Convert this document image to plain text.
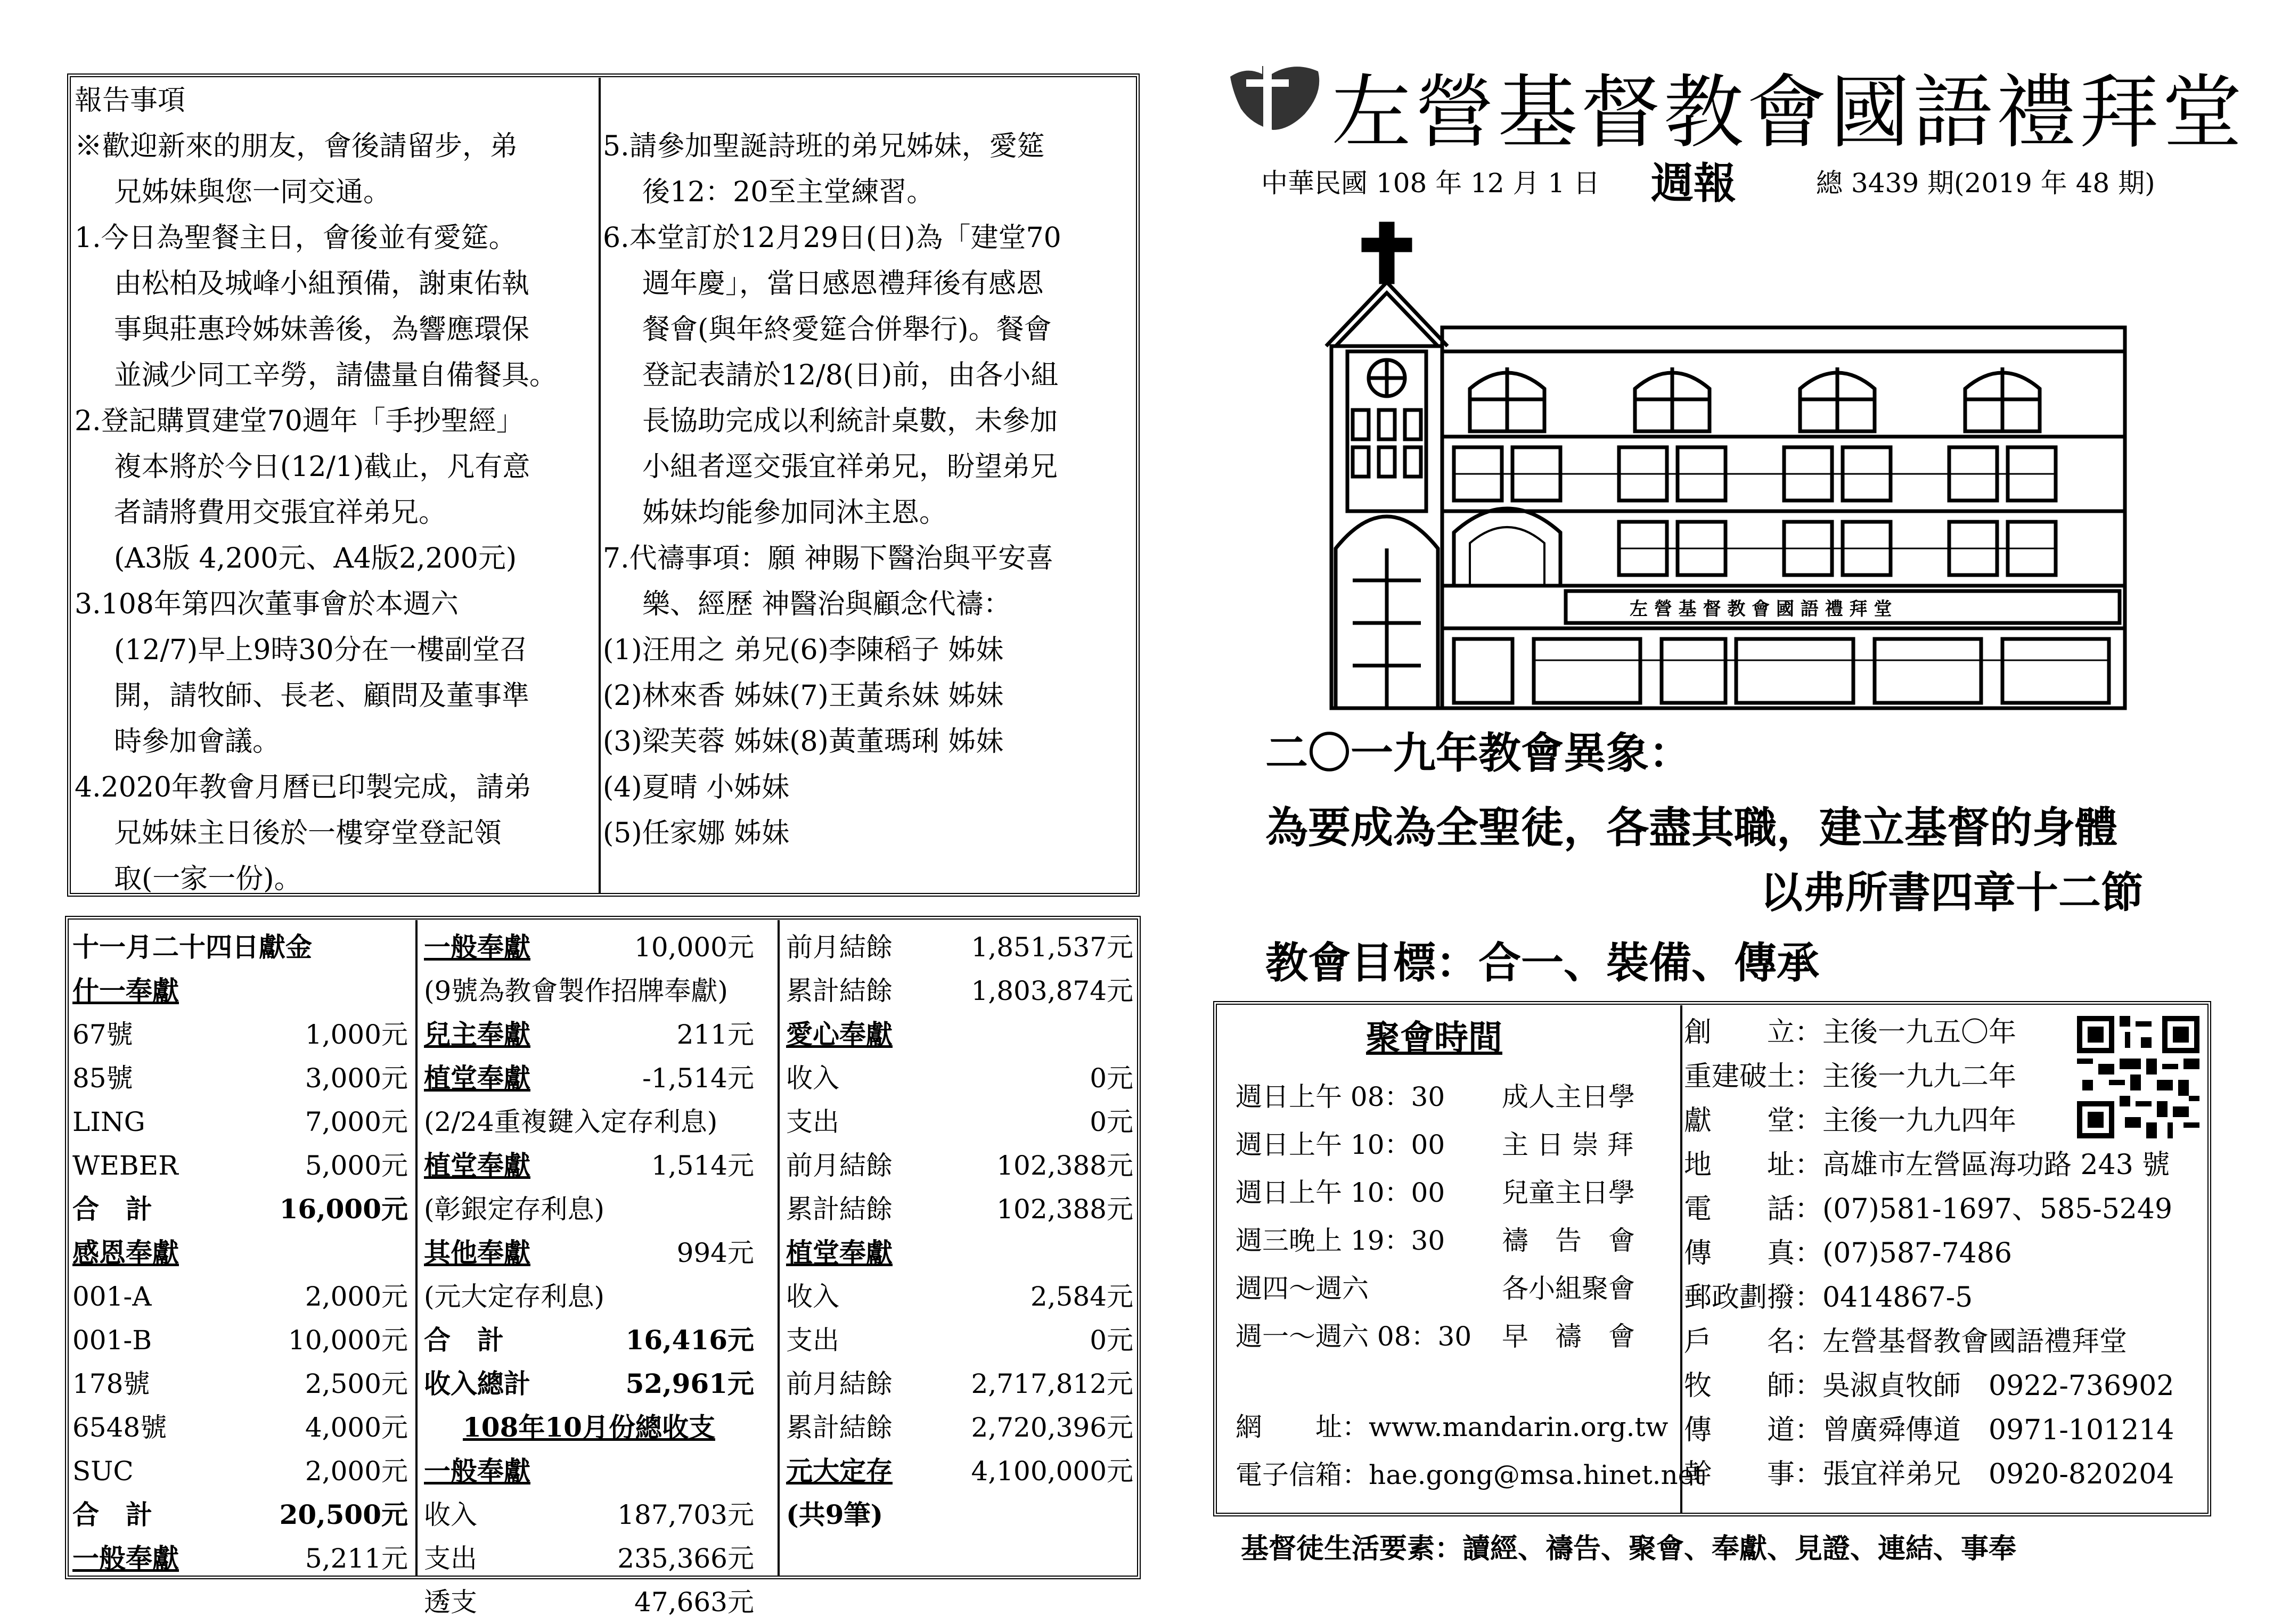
報告事項
※歡迎新來的朋友，會後請留步，弟
兄姊妹與您一同交通。
1.今日為聖餐主日，會後並有愛筵。
由松柏及城峰小組預備，謝東佑執
事與莊惠玲姊妹善後，為響應環保
並減少同工辛勞，請儘量自備餐具。
2.登記購買建堂70週年「手抄聖經」
複本將於今日(12/1)截止，凡有意
者請將費用交張宜祥弟兄。
(A3版 4,200元、A4版2,200元)
3.108年第四次董事會於本週六
(12/7)早上9時30分在一樓副堂召
開，請牧師、長老、顧問及董事準
時參加會議。
4.2020年教會月曆已印製完成，請弟
兄姊妹主日後於一樓穿堂登記領
取(一家一份)。
5.請參加聖誕詩班的弟兄姊妹，愛筵
後12：20至主堂練習。
6.本堂訂於12月29日(日)為「建堂70
週年慶」，當日感恩禮拜後有感恩
餐會(與年終愛筵合併舉行)。餐會
登記表請於12/8(日)前，由各小組
長協助完成以利統計桌數，未參加
小組者逕交張宜祥弟兄，盼望弟兄
姊妹均能參加同沐主恩。
7.代禱事項：願 神賜下醫治與平安喜
樂、經歷 神醫治與顧念代禱：
(1)汪用之 弟兄(6)李陳稻子 姊妹
(2)林來香 姊妹(7)王黃糸妹 姊妹
(3)梁芙蓉 姊妹(8)黃董瑪琍 姊妹
(4)夏晴 小姊妹
(5)任家娜 姊妹
十一月二十四日獻金
什一奉獻
67號	1,000元
85號	3,000元
LING	7,000元
WEBER	5,000元
合　計	16,000元
感恩奉獻
001-A	2,000元
001-B	10,000元
178號	2,500元
6548號	4,000元
SUC	2,000元
合　計	20,500元
一般奉獻	5,211元
一般奉獻	10,000元
(9號為教會製作招牌奉獻)
兒主奉獻	211元
植堂奉獻	-1,514元
(2/24重複鍵入定存利息)
植堂奉獻	1,514元
(彰銀定存利息)
其他奉獻	994元
(元大定存利息)
合　計	16,416元
收入總計	52,961元
108年10月份總收支
一般奉獻
收入	187,703元
支出	235,366元
透支	47,663元
前月結餘	1,851,537元
累計結餘	1,803,874元
愛心奉獻
收入	0元
支出	0元
前月結餘	102,388元
累計結餘	102,388元
植堂奉獻
收入	2,584元
支出	0元
前月結餘	2,717,812元
累計結餘	2,720,396元
元大定存	4,100,000元
(共9筆)
左營基督教會國語禮拜堂
中華民國 108 年 12 月 1 日 週報	總 3439 期(2019 年 48 期)
左 營 基 督 教 會 國 語 禮 拜 堂
二〇一九年教會異象：
為要成為全聖徒，各盡其職，建立基督的身體
以弗所書四章十二節
教會目標：合一、裝備、傳承
聚會時間
週日上午 08：30	成人主日學
週日上午 10：00	主 日 崇 拜
週日上午 10：00	兒童主日學
週三晚上 19：30	禱　告　會
週四～週六	各小組聚會
週一～週六 08：30	早　禱　會
網　　址：www.mandarin.org.tw
電子信箱：hae.gong@msa.hinet.net
創　　立：主後一九五〇年
重建破土：主後一九九二年
獻　　堂：主後一九九四年
地　　址：高雄市左營區海功路 243 號
電　　話：(07)581-1697、585-5249
傳　　真：(07)587-7486
郵政劃撥：0414867-5
戶　　名：左營基督教會國語禮拜堂
牧　　師：吳淑貞牧師　0922-736902
傳　　道：曾廣舜傳道　0971-101214
幹　　事：張宜祥弟兄　0920-820204
基督徒生活要素：讀經、禱告、聚會、奉獻、見證、連結、事奉
